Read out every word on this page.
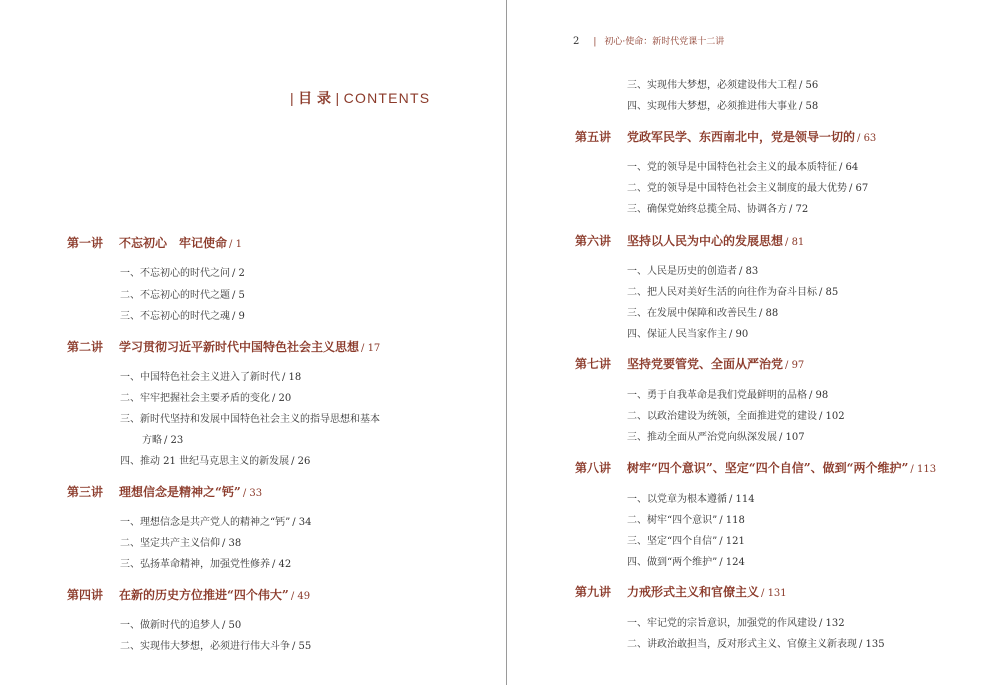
| 目 录 | CONTENTS
2 | 初心·使命：新时代党课十二讲
第一讲 不忘初心　牢记使命 / 1
一、不忘初心的时代之问 / 2
二、不忘初心的时代之题 / 5
三、不忘初心的时代之魂 / 9
第二讲 学习贯彻习近平新时代中国特色社会主义思想 / 17
一、中国特色社会主义进入了新时代 / 18
二、牢牢把握社会主要矛盾的变化 / 20
三、新时代坚持和发展中国特色社会主义的指导思想和基本
方略 / 23
四、推动 21 世纪马克思主义的新发展 / 26
第三讲 理想信念是精神之“钙” / 33
一、理想信念是共产党人的精神之“钙” / 34
二、坚定共产主义信仰 / 38
三、弘扬革命精神，加强党性修养 / 42
第四讲 在新的历史方位推进“四个伟大” / 49
一、做新时代的追梦人 / 50
二、实现伟大梦想，必须进行伟大斗争 / 55
三、实现伟大梦想，必须建设伟大工程 / 56
四、实现伟大梦想，必须推进伟大事业 / 58
第五讲 党政军民学、东西南北中，党是领导一切的 / 63
一、党的领导是中国特色社会主义的最本质特征 / 64
二、党的领导是中国特色社会主义制度的最大优势 / 67
三、确保党始终总揽全局、协调各方 / 72
第六讲 坚持以人民为中心的发展思想 / 81
一、人民是历史的创造者 / 83
二、把人民对美好生活的向往作为奋斗目标 / 85
三、在发展中保障和改善民生 / 88
四、保证人民当家作主 / 90
第七讲 坚持党要管党、全面从严治党 / 97
一、勇于自我革命是我们党最鲜明的品格 / 98
二、以政治建设为统领，全面推进党的建设 / 102
三、推动全面从严治党向纵深发展 / 107
第八讲 树牢“四个意识”、坚定“四个自信”、做到“两个维护” / 113
一、以党章为根本遵循 / 114
二、树牢“四个意识” / 118
三、坚定“四个自信” / 121
四、做到“两个维护” / 124
第九讲 力戒形式主义和官僚主义 / 131
一、牢记党的宗旨意识，加强党的作风建设 / 132
二、讲政治敢担当，反对形式主义、官僚主义新表现 / 135
